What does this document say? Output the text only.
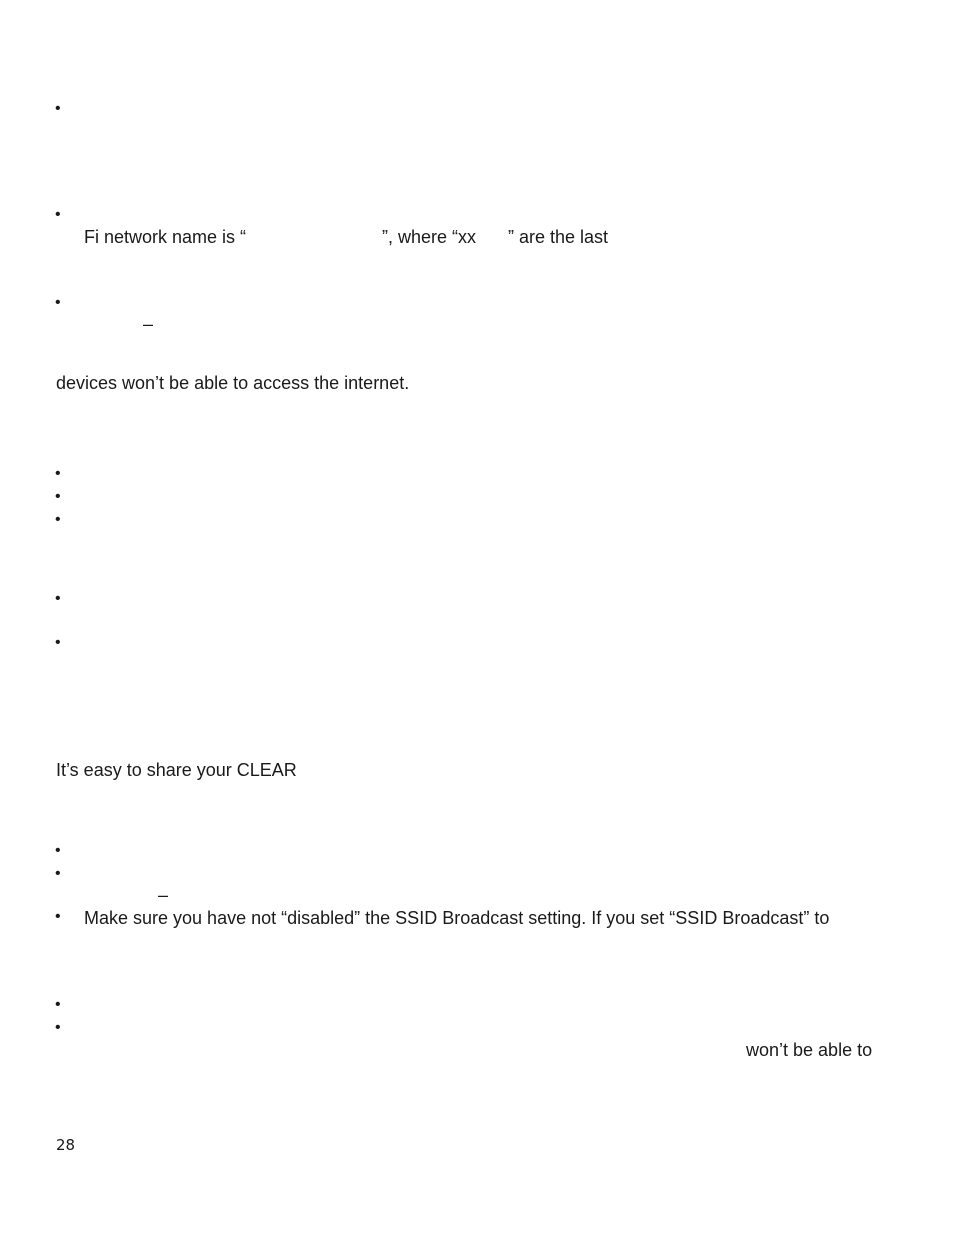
•
•
•
•
•
•
•
•
•
•
•
•
•
Fi network name is “	”, where “xx ” are the last
–
devices won’t be able to access the internet.
It’s easy to share your CLEAR
–
Make sure you have not “disabled” the SSID Broadcast setting. If you set “SSID Broadcast” to
won’t be able to
28
